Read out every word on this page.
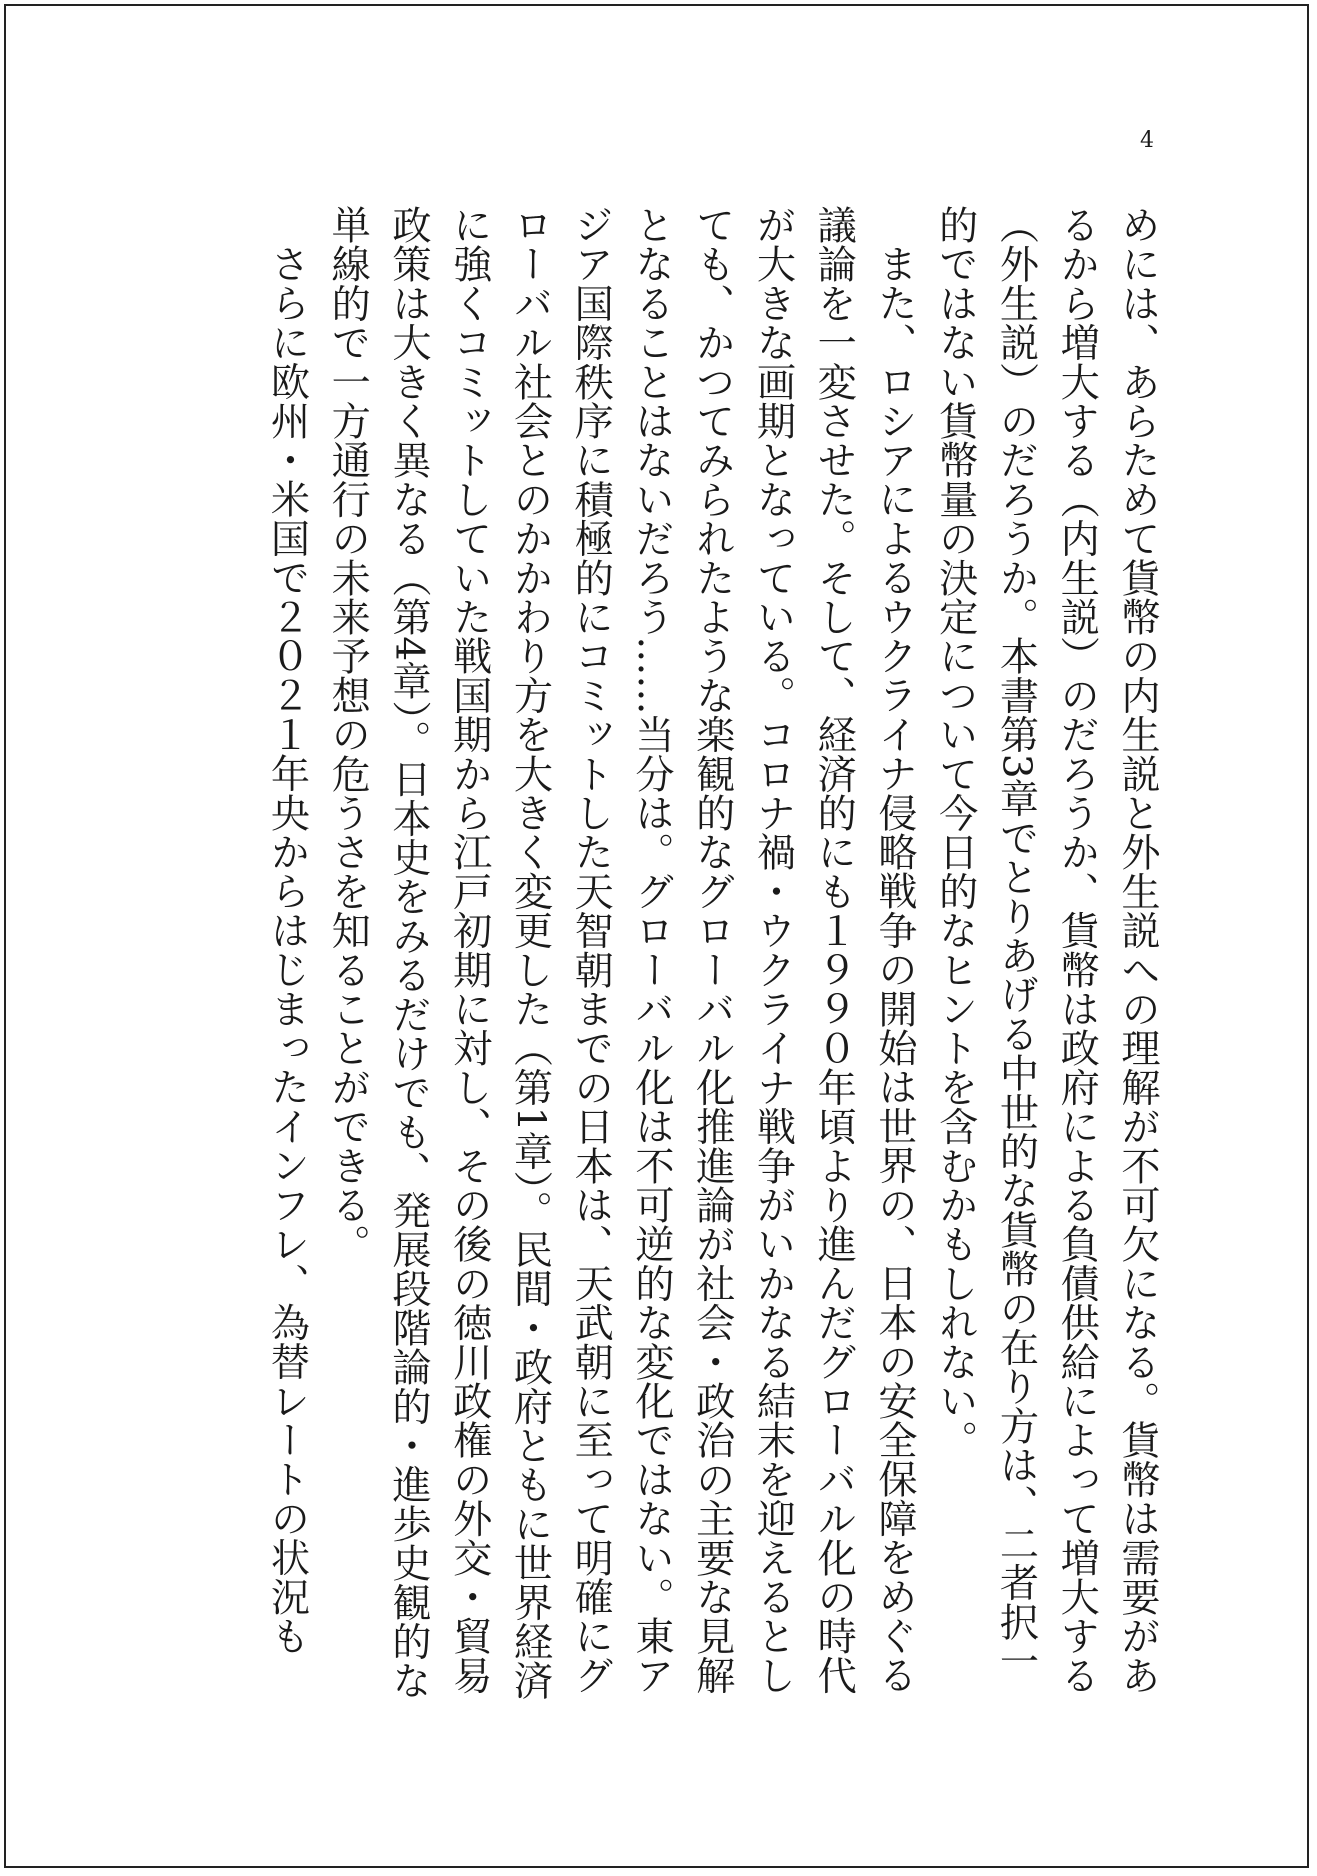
4

めには、あらためて貨幣の内生説と外生説への理解が不可欠になる。貨幣は需要があるから増大する（内生説）のだろうか、貨幣は政府による負債供給によって増大する（外生説）のだろうか。本書第3章でとりあげる中世的な貨幣の在り方は、二者択一的ではない貨幣量の決定について今日的なヒントを含むかもしれない。

また、ロシアによるウクライナ侵略戦争の開始は世界の、日本の安全保障をめぐる議論を一変させた。そして、経済的にも１９９０年頃より進んだグローバル化の時代が大きな画期となっている。コロナ禍・ウクライナ戦争がいかなる結末を迎えるとしても、かつてみられたような楽観的なグローバル化推進論が社会・政治の主要な見解となることはないだろう……当分は。グローバル化は不可逆的な変化ではない。東アジア国際秩序に積極的にコミットした天智朝までの日本は、天武朝に至って明確にグローバル社会とのかかわり方を大きく変更した（第1章）。民間・政府ともに世界経済に強くコミットしていた戦国期から江戸初期に対し、その後の徳川政権の外交・貿易政策は大きく異なる（第4章）。日本史をみるだけでも、発展段階論的・進歩史観的な単線的で一方通行の未来予想の危うさを知ることができる。

さらに欧州・米国で２０２１年央からはじまったインフレ、為替レートの状況も
